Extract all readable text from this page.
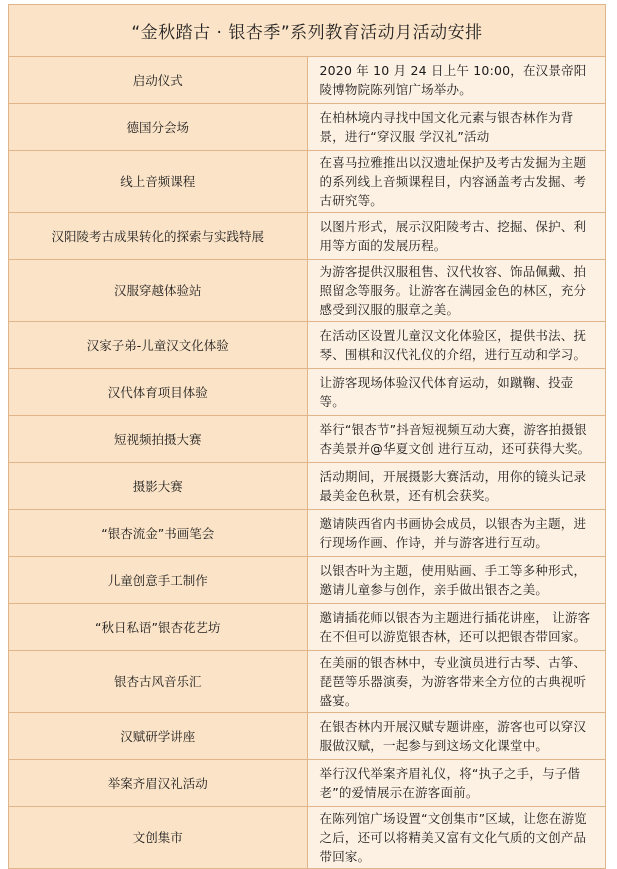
“金秋踏古 · 银杏季”系列教育活动月活动安排	
启动仪式	2020 年 10 月 24 日上午 10:00，在汉景帝阳陵博物院陈列馆广场举办。
德国分会场	在柏林境内寻找中国文化元素与银杏林作为背景，进行“穿汉服 学汉礼”活动
线上音频课程	在喜马拉雅推出以汉遗址保护及考古发掘为主题的系列线上音频课程目，内容涵盖考古发掘、考古研究等。
汉阳陵考古成果转化的探索与实践特展	以图片形式，展示汉阳陵考古、挖掘、保护、利用等方面的发展历程。
汉服穿越体验站	为游客提供汉服租售、汉代妆容、饰品佩戴、拍照留念等服务。让游客在满园金色的林区，充分感受到汉服的服章之美。
汉家子弟-儿童汉文化体验	在活动区设置儿童汉文化体验区，提供书法、抚琴、围棋和汉代礼仪的介绍，进行互动和学习。
汉代体育项目体验	让游客现场体验汉代体育运动，如蹴鞠、投壶等。
短视频拍摄大赛	举行“银杏节”抖音短视频互动大赛，游客拍摄银杏美景并@华夏文创 进行互动，还可获得大奖。
摄影大赛	活动期间，开展摄影大赛活动，用你的镜头记录最美金色秋景，还有机会获奖。
“银杏流金”书画笔会	邀请陕西省内书画协会成员，以银杏为主题，进行现场作画、作诗，并与游客进行互动。
儿童创意手工制作	以银杏叶为主题，使用贴画、手工等多种形式，邀请儿童参与创作，亲手做出银杏之美。
“秋日私语”银杏花艺坊	邀请插花师以银杏为主题进行插花讲座， 让游客在不但可以游览银杏林，还可以把银杏带回家。
银杏古风音乐汇	在美丽的银杏林中，专业演员进行古琴、古筝、琵琶等乐器演奏，为游客带来全方位的古典视听盛宴。
汉赋研学讲座	在银杏林内开展汉赋专题讲座，游客也可以穿汉服做汉赋，一起参与到这场文化课堂中。
举案齐眉汉礼活动	举行汉代举案齐眉礼仪，将“执子之手，与子偕老”的爱情展示在游客面前。
文创集市	在陈列馆广场设置“文创集市”区域，让您在游览之后，还可以将精美又富有文化气质的文创产品带回家。
